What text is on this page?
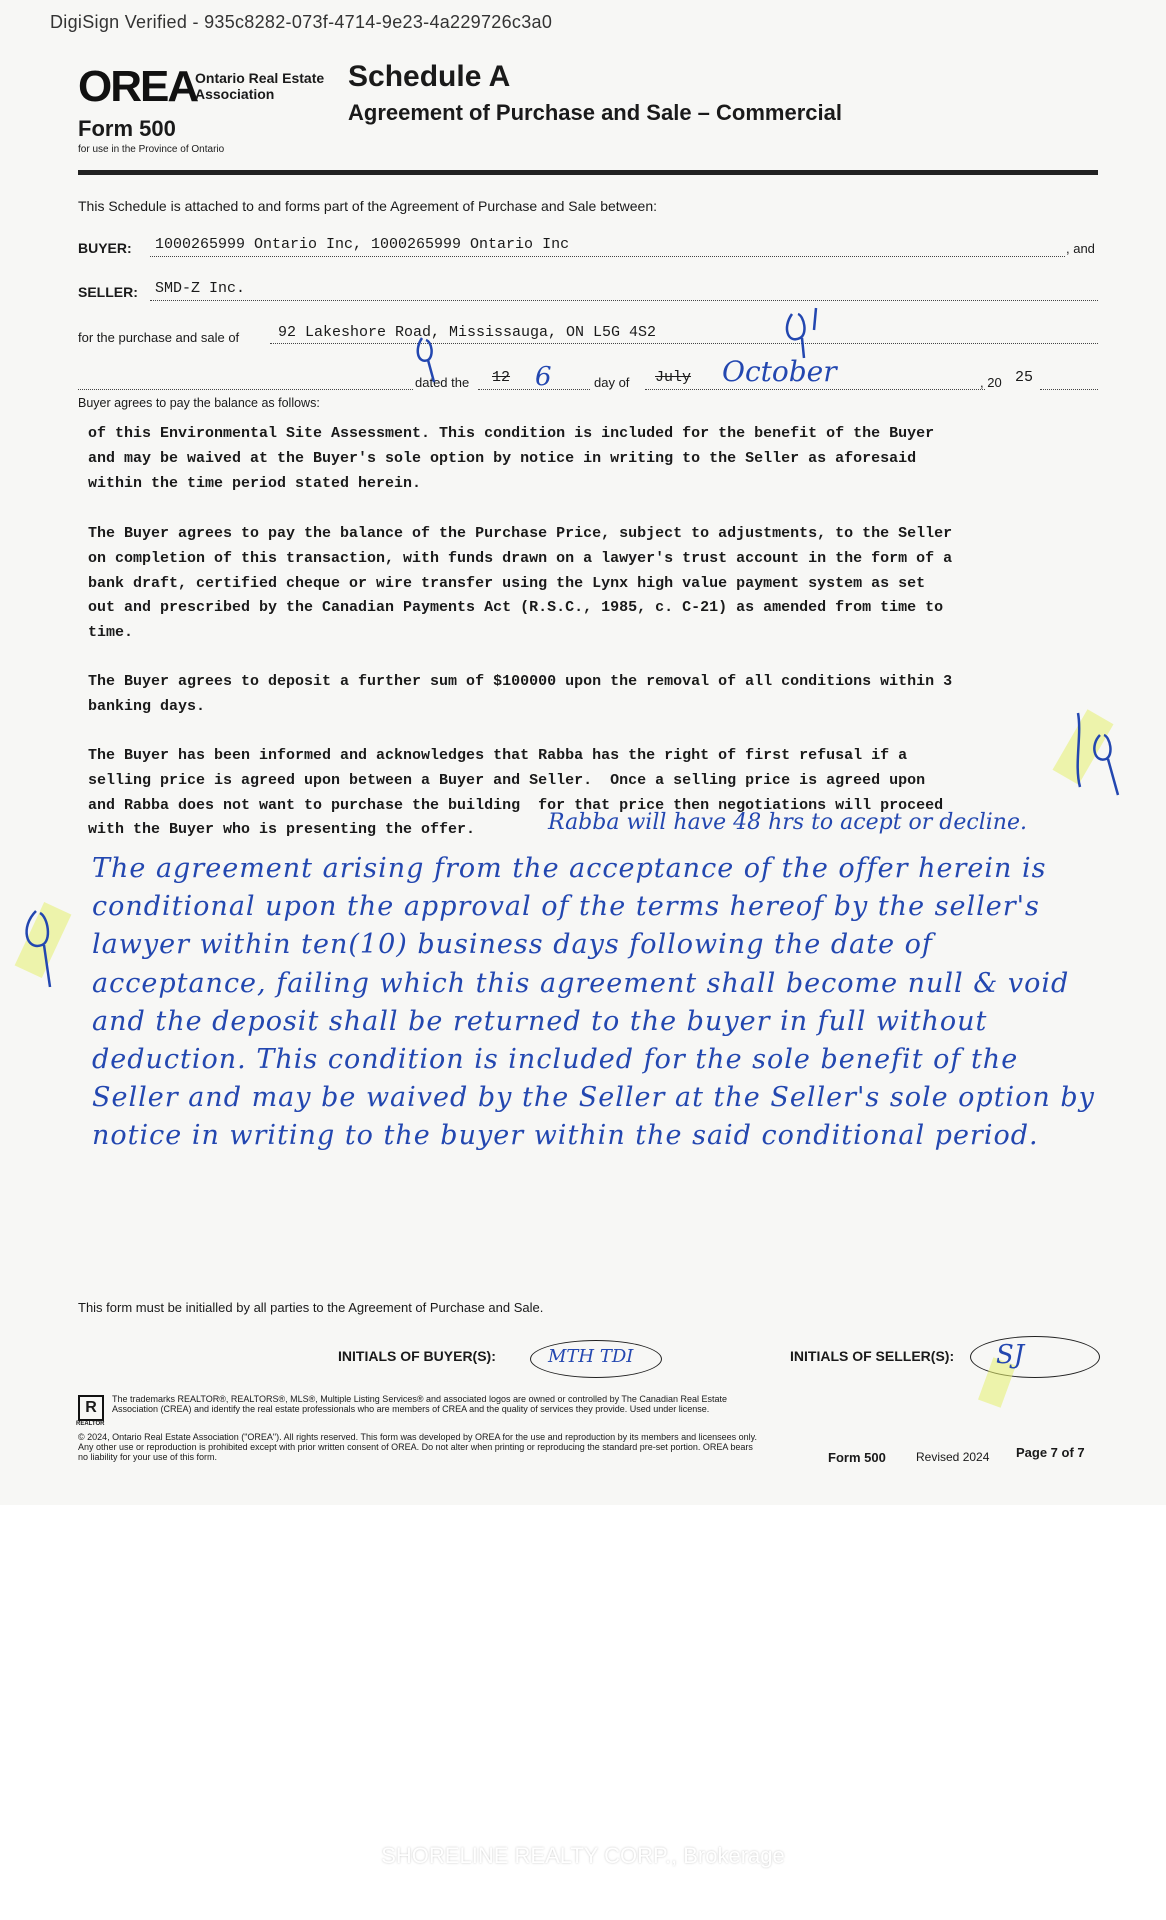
DigiSign Verified - 935c8282-073f-4714-9e23-4a229726c3a0
OREA
Ontario Real Estate Association
Form 500
for use in the Province of Ontario
Schedule A
Agreement of Purchase and Sale – Commercial
This Schedule is attached to and forms part of the Agreement of Purchase and Sale between:
BUYER: 1000265999 Ontario Inc, 1000265999 Ontario Inc	, and
SELLER: SMD-Z Inc.
for the purchase and sale of	92 Lakeshore Road, Mississauga, ON L5G 4S2
dated the 12 6	day of July October	, 20 25
Buyer agrees to pay the balance as follows:
of this Environmental Site Assessment. This condition is included for the benefit of the Buyer
and may be waived at the Buyer's sole option by notice in writing to the Seller as aforesaid
within the time period stated herein.
The Buyer agrees to pay the balance of the Purchase Price, subject to adjustments, to the Seller
on completion of this transaction, with funds drawn on a lawyer's trust account in the form of a
bank draft, certified cheque or wire transfer using the Lynx high value payment system as set
out and prescribed by the Canadian Payments Act (R.S.C., 1985, c. C-21) as amended from time to
time.
The Buyer agrees to deposit a further sum of $100000 upon the removal of all conditions within 3
banking days.
The Buyer has been informed and acknowledges that Rabba has the right of first refusal if a
selling price is agreed upon between a Buyer and Seller.  Once a selling price is agreed upon
and Rabba does not want to purchase the building  for that price then negotiations will proceed
with the Buyer who is presenting the offer.	Rabba will have 48 hrs to acept or decline.
The agreement arising from the acceptance of the offer herein is conditional upon the approval of the terms hereof by the seller's lawyer within ten(10) business days following the date of acceptance, failing which this agreement shall become null & void and the deposit shall be returned to the buyer in full without deduction. This condition is included for the sole benefit of the Seller and may be waived by the Seller at the Seller's sole option by notice in writing to the buyer within the said conditional period.
This form must be initialled by all parties to the Agreement of Purchase and Sale.
INITIALS OF BUYER(S):	MTH TDI	INITIALS OF SELLER(S): SJ
R
REALTOR
The trademarks REALTOR®, REALTORS®, MLS®, Multiple Listing Services® and associated logos are owned or controlled by The Canadian Real Estate Association (CREA) and identify the real estate professionals who are members of CREA and the quality of services they provide. Used under license.
© 2024, Ontario Real Estate Association ("OREA"). All rights reserved. This form was developed by OREA for the use and reproduction by its members and licensees only. Any other use or reproduction is prohibited except with prior written consent of OREA. Do not alter when printing or reproducing the standard pre-set portion. OREA bears no liability for your use of this form.	Form 500	Revised 2024 Page 7 of 7
SHORELINE REALTY CORP., Brokerage
